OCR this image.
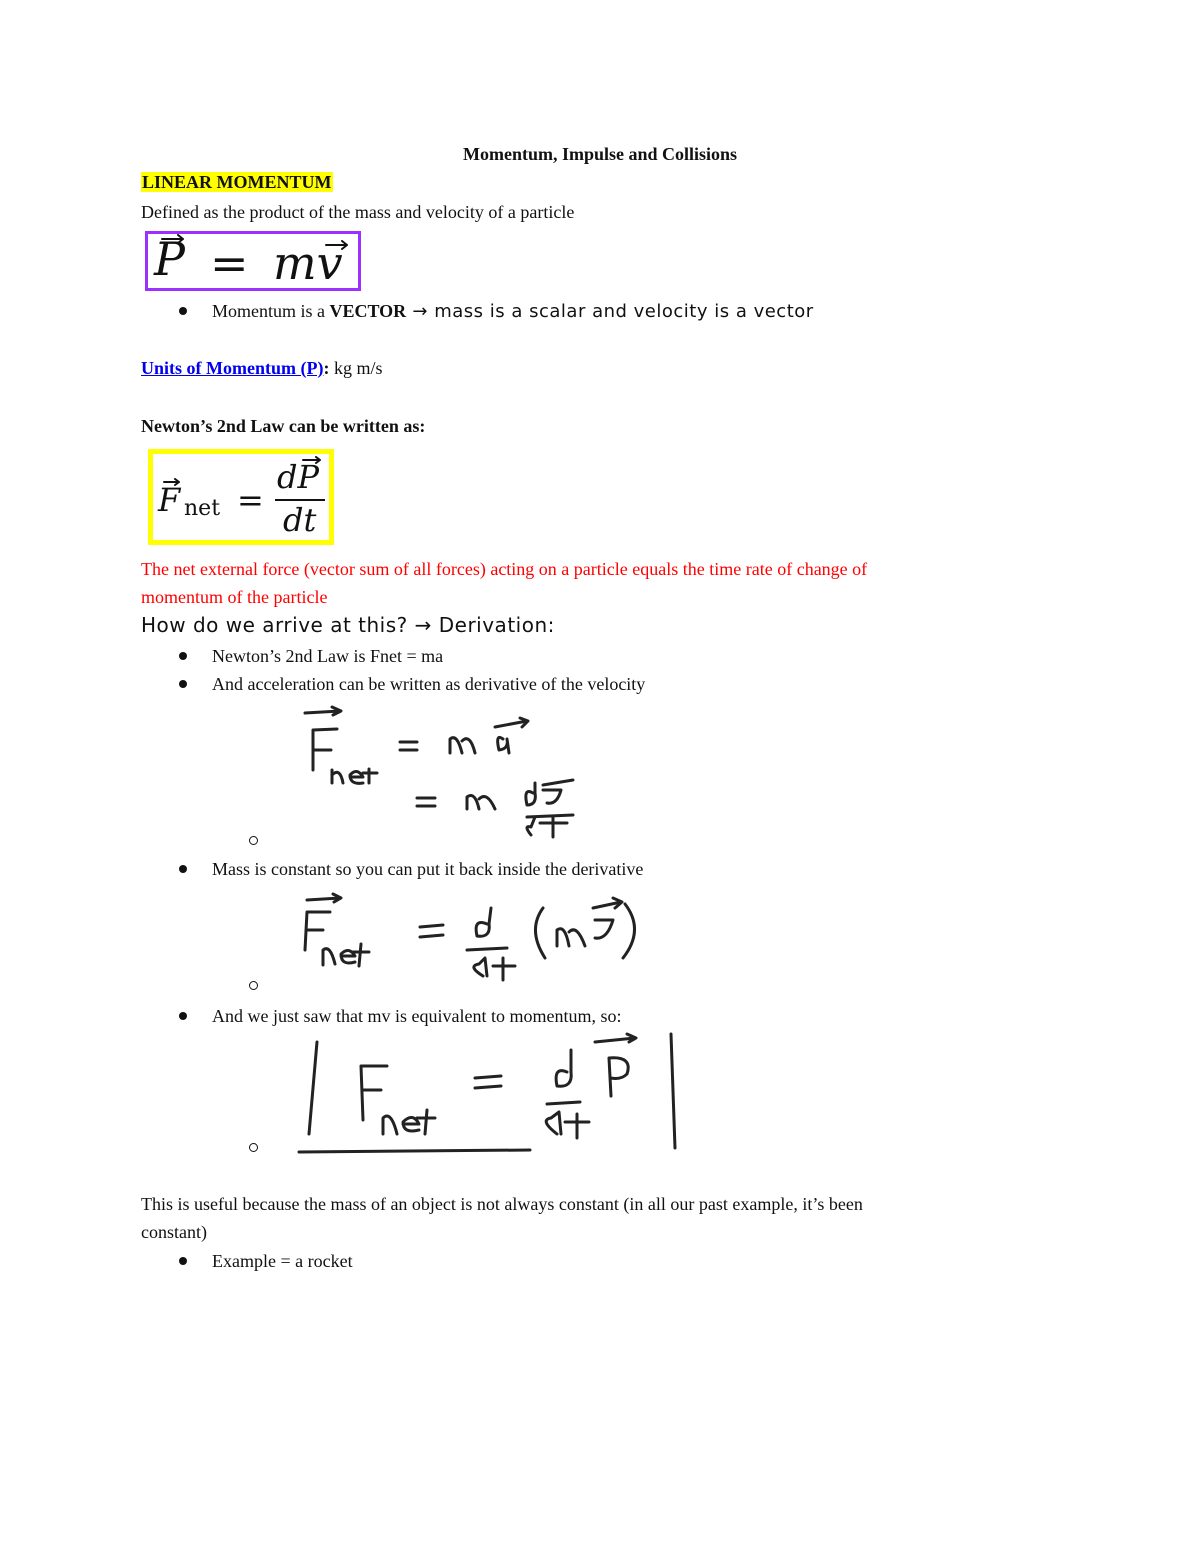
Momentum, Impulse and Collisions
LINEAR MOMENTUM
Defined as the product of the mass and velocity of a particle
P = mv
Momentum is a VECTOR → mass is a scalar and velocity is a vector
Units of Momentum (P): kg m/s
Newton’s 2nd Law can be written as:
F net =
dP
dt
The net external force (vector sum of all forces) acting on a particle equals the time rate of change of
momentum of the particle
How do we arrive at this? → Derivation:
Newton’s 2nd Law is Fnet = ma
And acceleration can be written as derivative of the velocity
Mass is constant so you can put it back inside the derivative
And we just saw that mv is equivalent to momentum, so:
This is useful because the mass of an object is not always constant (in all our past example, it’s been
constant)
Example = a rocket
